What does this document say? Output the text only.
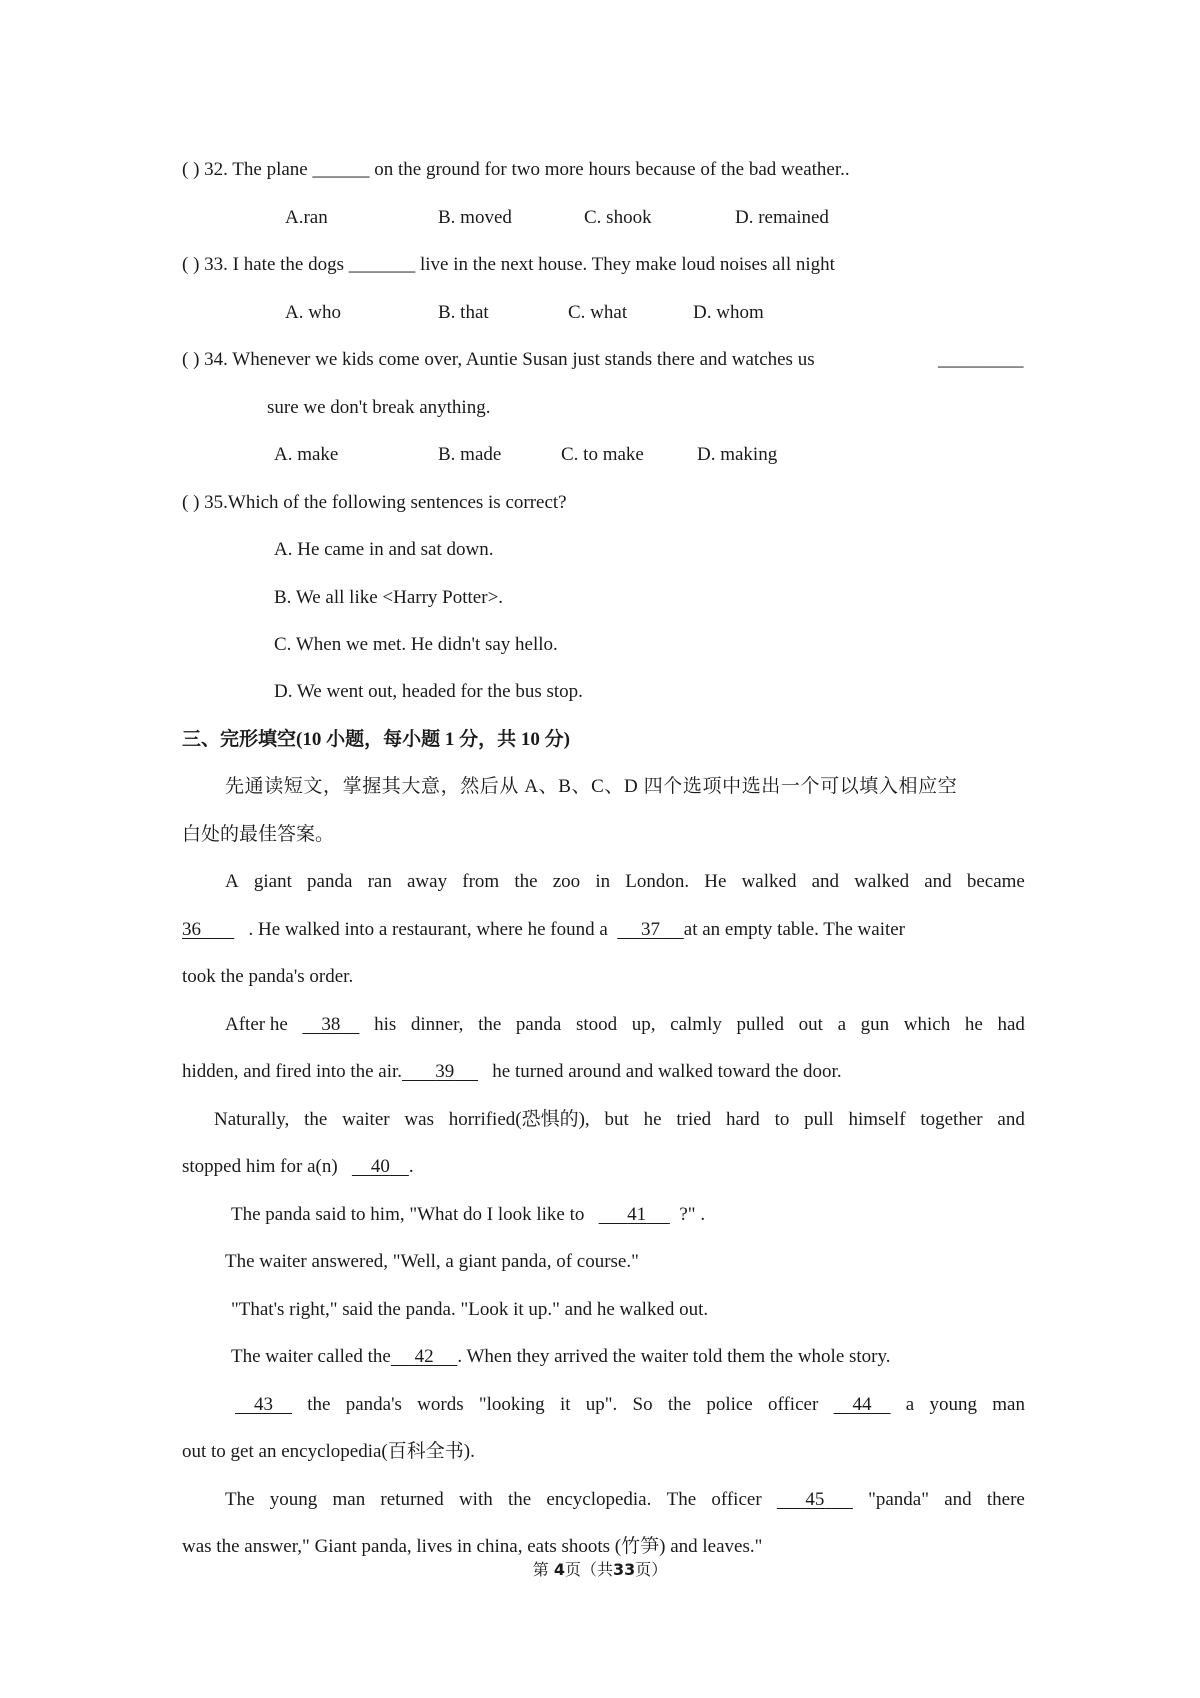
( ) 32. The plane ______ on the ground for two more hours because of the bad weather..
A.ran	B. moved	C. shook	D. remained
( ) 33. I hate the dogs _______ live in the next house. They make loud noises all night
A. who	B. that	C. what	D. whom
( ) 34. Whenever we kids come over, Auntie Susan just stands there and watches us	_________
sure we don't break anything.
A. make	B. made	C. to make	D. making
( ) 35.Which of the following sentences is correct?
A. He came in and sat down.
B. We all like <Harry Potter>.
C. When we met. He didn't say hello.
D. We went out, headed for the bus stop.
三、完形填空(10 小题，每小题 1 分，共 10 分)
先通读短文，掌握其大意，然后从 A、B、C、D 四个选项中选出一个可以填入相应空
白处的最佳答案。
A giant panda ran away from the zoo in London. He walked and walked and became
36	. He walked into a restaurant, where he found a 37 at an empty table. The waiter
took the panda's order.
After he	38	his dinner, the panda stood up, calmly pulled out a gun which he had
hidden, and fired into the air. 39 he turned around and walked toward the door.
Naturally, the waiter was horrified(恐惧的), but he tried hard to pull himself together and
stopped him for a(n) 40 .
The panda said to him, "What do I look like to 41 ?" .
The waiter answered, "Well, a giant panda, of course."
"That's right," said the panda. "Look it up." and he walked out.
The waiter called the 42 . When they arrived the waiter told them the whole story.
43	the panda's words "looking it up". So the police officer	44	a young man
out to get an encyclopedia(百科全书).
The young man returned with the encyclopedia. The officer	45	"panda" and there
was the answer," Giant panda, lives in china, eats shoots (竹笋) and leaves."
第 4页（共33页）
